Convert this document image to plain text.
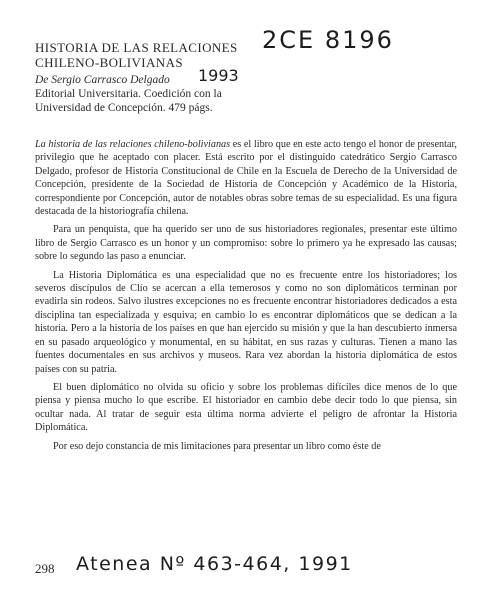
2CE 8196
HISTORIA DE LAS RELACIONES
CHILENO-BOLIVIANAS
De Sergio Carrasco Delgado
Editorial Universitaria. Coedición con la
Universidad de Concepción. 479 págs.
1993

La historia de las relaciones chileno-bolivianas es el libro que en este acto tengo el honor de presentar, privilegio que he aceptado con placer. Está escrito por el distinguido catedrático Sergio Carrasco Delgado, profesor de Historia Constitucional de Chile en la Escuela de Derecho de la Universidad de Concepción, presidente de la Sociedad de Historia de Concepción y Académico de la Historia, correspondiente por Concepción, autor de notables obras sobre temas de su especialidad. Es una figura destacada de la historiografía chilena.

Para un penquista, que ha querido ser uno de sus historiadores regionales, presentar este último libro de Sergio Carrasco es un honor y un compromiso: sobre lo primero ya he expresado las causas; sobre lo segundo las paso a enunciar.

La Historia Diplomática es una especialidad que no es frecuente entre los historiadores; los severos discípulos de Clío se acercan a ella temerosos y como no son diplomáticos terminan por evadirla sin rodeos. Salvo ilustres excepciones no es frecuente encontrar historiadores dedicados a esta disciplina tan especializada y esquiva; en cambio lo es encontrar diplomáticos que se dedican a la historia. Pero a la historia de los países en que han ejercido su misión y que la han descubierto inmersa en su pasado arqueológico y monumental, en su hábitat, en sus razas y culturas. Tienen a mano las fuentes documentales en sus archivos y museos. Rara vez abordan la historia diplomática de estos países con su patria.

El buen diplomático no olvida su oficio y sobre los problemas difíciles dice menos de lo que piensa y piensa mucho lo que escribe. El historiador en cambio debe decir todo lo que piensa, sin ocultar nada. Al tratar de seguir esta última norma advierte el peligro de afrontar la Historia Diplomática.

Por eso dejo constancia de mis limitaciones para presentar un libro como éste de

298 Atenea Nº 463-464, 1991
